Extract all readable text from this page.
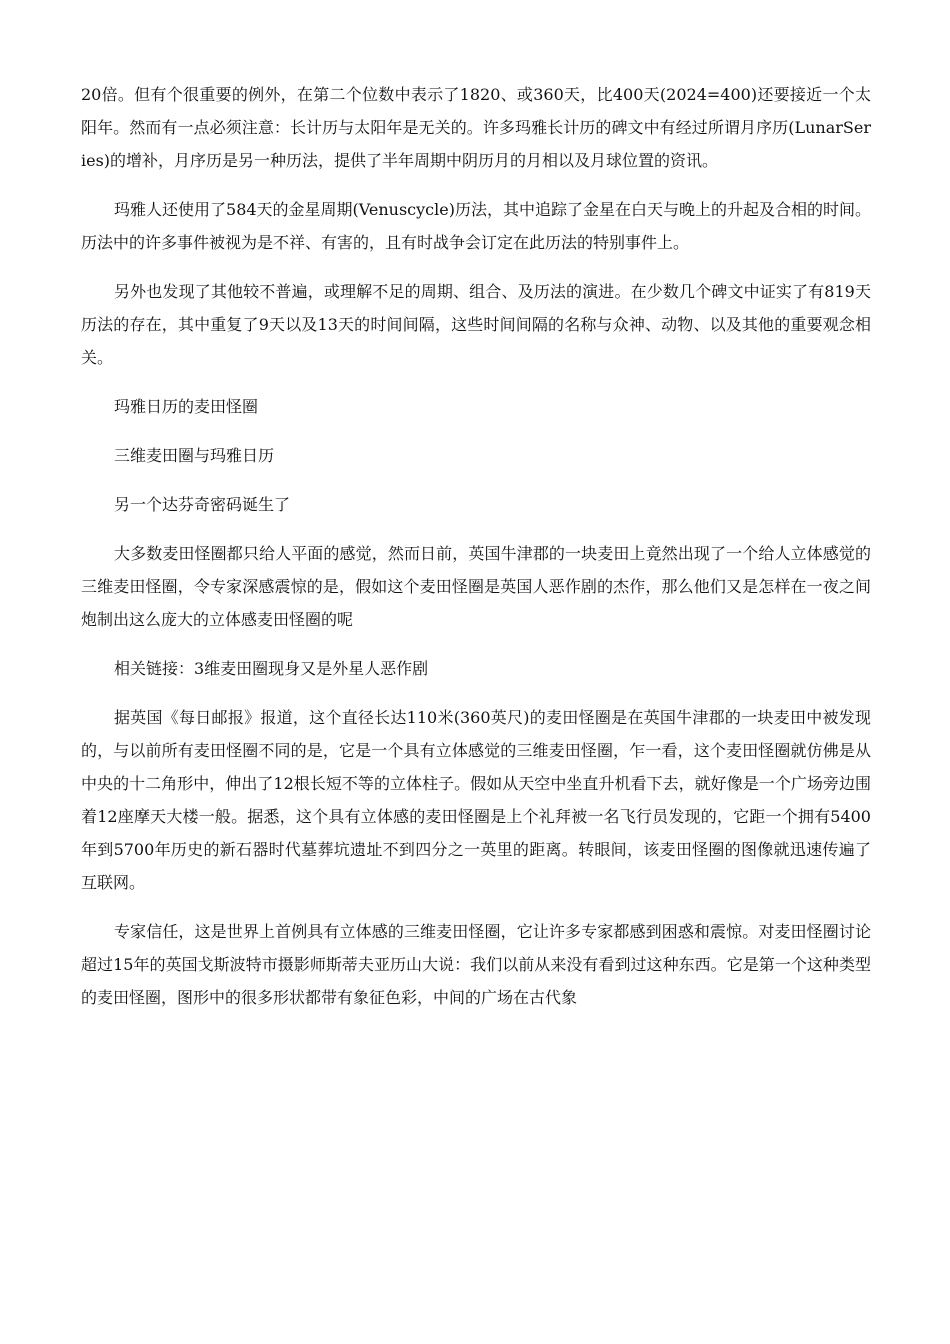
20倍。但有个很重要的例外，在第二个位数中表示了1820、或360天，比400天(2024=400)还要接近一个太阳年。然而有一点必须注意：长计历与太阳年是无关的。许多玛雅长计历的碑文中有经过所谓月序历(LunarSeries)的增补，月序历是另一种历法，提供了半年周期中阴历月的月相以及月球位置的资讯。

玛雅人还使用了584天的金星周期(Venuscycle)历法，其中追踪了金星在白天与晚上的升起及合相的时间。历法中的许多事件被视为是不祥、有害的，且有时战争会订定在此历法的特别事件上。

另外也发现了其他较不普遍，或理解不足的周期、组合、及历法的演进。在少数几个碑文中证实了有819天历法的存在，其中重复了9天以及13天的时间间隔，这些时间间隔的名称与众神、动物、以及其他的重要观念相关。

玛雅日历的麦田怪圈

三维麦田圈与玛雅日历

另一个达芬奇密码诞生了

大多数麦田怪圈都只给人平面的感觉，然而日前，英国牛津郡的一块麦田上竟然出现了一个给人立体感觉的三维麦田怪圈，令专家深感震惊的是，假如这个麦田怪圈是英国人恶作剧的杰作，那么他们又是怎样在一夜之间炮制出这么庞大的立体感麦田怪圈的呢

相关链接：3维麦田圈现身又是外星人恶作剧

据英国《每日邮报》报道，这个直径长达110米(360英尺)的麦田怪圈是在英国牛津郡的一块麦田中被发现的，与以前所有麦田怪圈不同的是，它是一个具有立体感觉的三维麦田怪圈，乍一看，这个麦田怪圈就仿佛是从中央的十二角形中，伸出了12根长短不等的立体柱子。假如从天空中坐直升机看下去，就好像是一个广场旁边围着12座摩天大楼一般。据悉，这个具有立体感的麦田怪圈是上个礼拜被一名飞行员发现的，它距一个拥有5400年到5700年历史的新石器时代墓葬坑遗址不到四分之一英里的距离。转眼间，该麦田怪圈的图像就迅速传遍了互联网。

专家信任，这是世界上首例具有立体感的三维麦田怪圈，它让许多专家都感到困惑和震惊。对麦田怪圈讨论超过15年的英国戈斯波特市摄影师斯蒂夫亚历山大说：我们以前从来没有看到过这种东西。它是第一个这种类型的麦田怪圈，图形中的很多形状都带有象征色彩，中间的广场在古代象
